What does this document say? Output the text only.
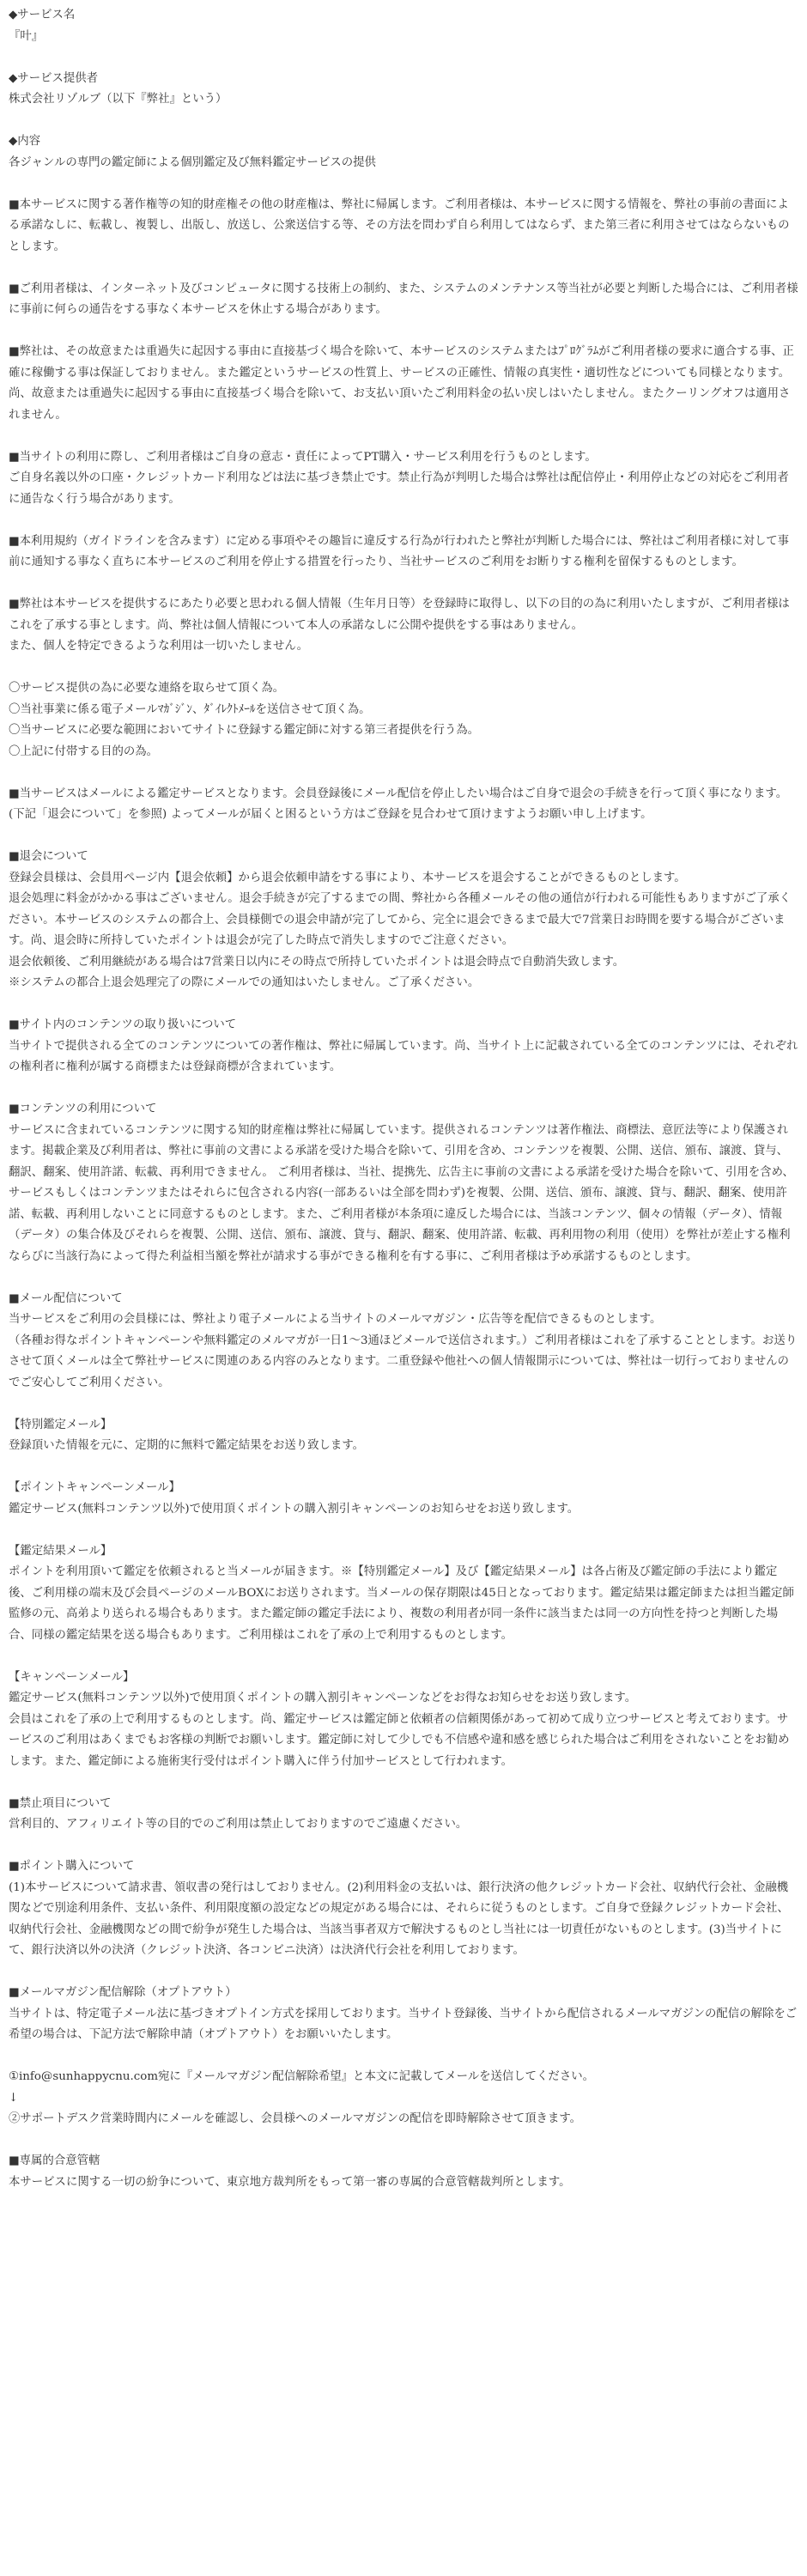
◆サービス名

『叶』

◆サービス提供者

株式会社リゾルブ（以下『弊社』という）

◆内容

各ジャンルの専門の鑑定師による個別鑑定及び無料鑑定サービスの提供

■本サービスに関する著作権等の知的財産権その他の財産権は、弊社に帰属します。ご利用者様は、本サービスに関する情報を、弊社の事前の書面による承諾なしに、転載し、複製し、出版し、放送し、公衆送信する等、その方法を問わず自ら利用してはならず、また第三者に利用させてはならないものとします。

■ご利用者様は、インターネット及びコンピュータに関する技術上の制約、また、システムのメンテナンス等当社が必要と判断した場合には、ご利用者様に事前に何らの通告をする事なく本サービスを休止する場合があります。

■弊社は、その故意または重過失に起因する事由に直接基づく場合を除いて、本サービスのシステムまたはﾌﾟﾛｸﾞﾗﾑがご利用者様の要求に適合する事、正確に稼働する事は保証しておりません。また鑑定というサービスの性質上、サービスの正確性、情報の真実性・適切性などについても同様となります。尚、故意または重過失に起因する事由に直接基づく場合を除いて、お支払い頂いたご利用料金の払い戻しはいたしません。またクーリングオフは適用されません。

■当サイトの利用に際し、ご利用者様はご自身の意志・責任によってPT購入・サービス利用を行うものとします。

ご自身名義以外の口座・クレジットカード利用などは法に基づき禁止です。禁止行為が判明した場合は弊社は配信停止・利用停止などの対応をご利用者に通告なく行う場合があります。

■本利用規約（ガイドラインを含みます）に定める事項やその趣旨に違反する行為が行われたと弊社が判断した場合には、弊社はご利用者様に対して事前に通知する事なく直ちに本サービスのご利用を停止する措置を行ったり、当社サービスのご利用をお断りする権利を留保するものとします。

■弊社は本サービスを提供するにあたり必要と思われる個人情報（生年月日等）を登録時に取得し、以下の目的の為に利用いたしますが、ご利用者様はこれを了承する事とします。尚、弊社は個人情報について本人の承諾なしに公開や提供をする事はありません。

また、個人を特定できるような利用は一切いたしません。

〇サービス提供の為に必要な連絡を取らせて頂く為。

〇当社事業に係る電子メールﾏｶﾞｼﾞﾝ、ﾀﾞｲﾚｸﾄﾒｰﾙを送信させて頂く為。

〇当サービスに必要な範囲においてサイトに登録する鑑定師に対する第三者提供を行う為。

〇上記に付帯する目的の為。

■当サービスはメールによる鑑定サービスとなります。会員登録後にメール配信を停止したい場合はご自身で退会の手続きを行って頂く事になります。(下記「退会について」を参照) よってメールが届くと困るという方はご登録を見合わせて頂けますようお願い申し上げます。

■退会について

登録会員様は、会員用ページ内【退会依頼】から退会依頼申請をする事により、本サービスを退会することができるものとします。

退会処理に料金がかかる事はございません。退会手続きが完了するまでの間、弊社から各種メールその他の通信が行われる可能性もありますがご了承ください。本サービスのシステムの都合上、会員様側での退会申請が完了してから、完全に退会できるまで最大で7営業日お時間を要する場合がございます。尚、退会時に所持していたポイントは退会が完了した時点で消失しますのでご注意ください。

退会依頼後、ご利用継続がある場合は7営業日以内にその時点で所持していたポイントは退会時点で自動消失致します。

※システムの都合上退会処理完了の際にメールでの通知はいたしません。ご了承ください。

■サイト内のコンテンツの取り扱いについて

当サイトで提供される全てのコンテンツについての著作権は、弊社に帰属しています。尚、当サイト上に記載されている全てのコンテンツには、それぞれの権利者に権利が属する商標または登録商標が含まれています。

■コンテンツの利用について

サービスに含まれているコンテンツに関する知的財産権は弊社に帰属しています。提供されるコンテンツは著作権法、商標法、意匠法等により保護されます。掲載企業及び利用者は、弊社に事前の文書による承諾を受けた場合を除いて、引用を含め、コンテンツを複製、公開、送信、頒布、譲渡、貸与、翻訳、翻案、使用許諾、転載、再利用できません。 ご利用者様は、当社、提携先、広告主に事前の文書による承諾を受けた場合を除いて、引用を含め、サービスもしくはコンテンツまたはそれらに包含される内容(一部あるいは全部を問わず)を複製、公開、送信、頒布、譲渡、貸与、翻訳、翻案、使用許諾、転載、再利用しないことに同意するものとします。また、ご利用者様が本条項に違反した場合には、当該コンテンツ、個々の情報（データ）、情報（データ）の集合体及びそれらを複製、公開、送信、頒布、譲渡、貸与、翻訳、翻案、使用許諾、転載、再利用物の利用（使用）を弊社が差止する権利ならびに当該行為によって得た利益相当額を弊社が請求する事ができる権利を有する事に、ご利用者様は予め承諾するものとします。

■メール配信について

当サービスをご利用の会員様には、弊社より電子メールによる当サイトのメールマガジン・広告等を配信できるものとします。

（各種お得なポイントキャンペーンや無料鑑定のメルマガが一日1～3通ほどメールで送信されます。）ご利用者様はこれを了承することとします。お送りさせて頂くメールは全て弊社サービスに関連のある内容のみとなります。二重登録や他社への個人情報開示については、弊社は一切行っておりませんのでご安心してご利用ください。

【特別鑑定メール】

登録頂いた情報を元に、定期的に無料で鑑定結果をお送り致します。

【ポイントキャンペーンメール】

鑑定サービス(無料コンテンツ以外)で使用頂くポイントの購入割引キャンペーンのお知らせをお送り致します。

【鑑定結果メール】

ポイントを利用頂いて鑑定を依頼されると当メールが届きます。※【特別鑑定メール】及び【鑑定結果メール】は各占術及び鑑定師の手法により鑑定後、ご利用様の端末及び会員ページのメールBOXにお送りされます。当メールの保存期限は45日となっております。鑑定結果は鑑定師または担当鑑定師監修の元、高弟より送られる場合もあります。また鑑定師の鑑定手法により、複数の利用者が同一条件に該当または同一の方向性を持つと判断した場合、同様の鑑定結果を送る場合もあります。ご利用様はこれを了承の上で利用するものとします。

【キャンペーンメール】

鑑定サービス(無料コンテンツ以外)で使用頂くポイントの購入割引キャンペーンなどをお得なお知らせをお送り致します。

会員はこれを了承の上で利用するものとします。尚、鑑定サービスは鑑定師と依頼者の信頼関係があって初めて成り立つサービスと考えております。サービスのご利用はあくまでもお客様の判断でお願いします。鑑定師に対して少しでも不信感や違和感を感じられた場合はご利用をされないことをお勧めします。また、鑑定師による施術実行受付はポイント購入に伴う付加サービスとして行われます。

■禁止項目について

営利目的、アフィリエイト等の目的でのご利用は禁止しておりますのでご遠慮ください。

■ポイント購入について

(1)本サービスについて請求書、領収書の発行はしておりません。(2)利用料金の支払いは、銀行決済の他クレジットカード会社、収納代行会社、金融機関などで別途利用条件、支払い条件、利用限度額の設定などの規定がある場合には、それらに従うものとします。ご自身で登録クレジットカード会社、収納代行会社、金融機関などの間で紛争が発生した場合は、当該当事者双方で解決するものとし当社には一切責任がないものとします。(3)当サイトにて、銀行決済以外の決済（クレジット決済、各コンビニ決済）は決済代行会社を利用しております。

■メールマガジン配信解除（オプトアウト）

当サイトは、特定電子メール法に基づきオプトイン方式を採用しております。当サイト登録後、当サイトから配信されるメールマガジンの配信の解除をご希望の場合は、下記方法で解除申請（オプトアウト）をお願いいたします。

①info@sunhappycnu.com宛に『メールマガジン配信解除希望』と本文に記載してメールを送信してください。

↓

②サポートデスク営業時間内にメールを確認し、会員様へのメールマガジンの配信を即時解除させて頂きます。

■専属的合意管轄

本サービスに関する一切の紛争について、東京地方裁判所をもって第一審の専属的合意管轄裁判所とします。
